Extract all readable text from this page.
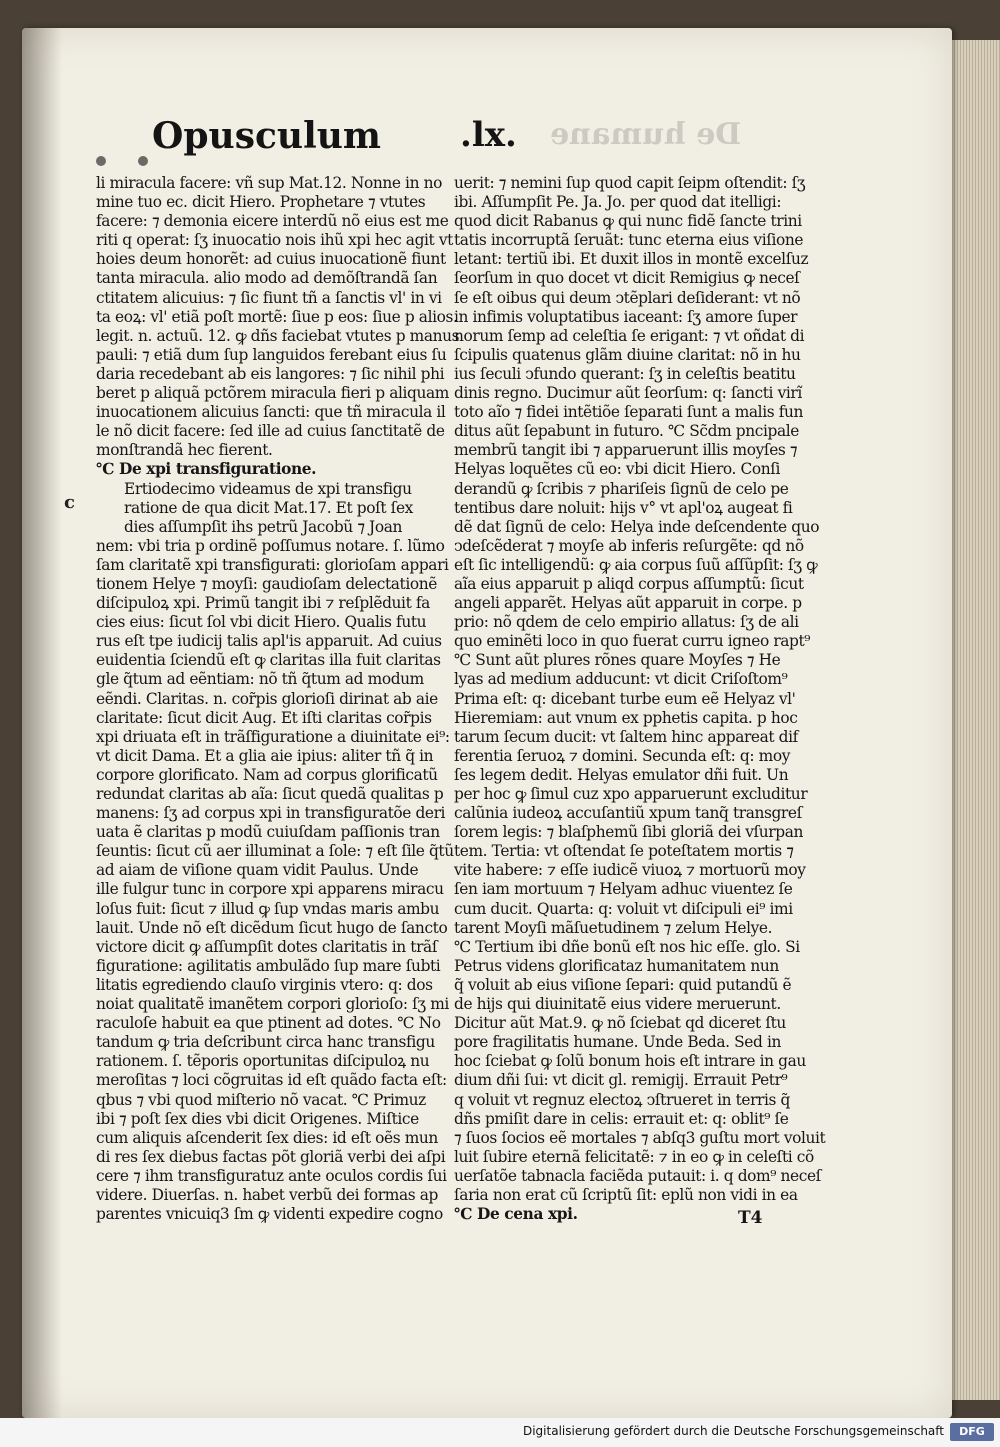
De humane
Opusculum .lx.
c
li miracula facere: vñ sup Mat.12. Nonne in no
mine tuo ec. dicit Hiero. Prophetare ⁊ vtutes
facere: ⁊ demonia eicere interdũ nõ eius est me
riti q operat: ſʒ inuocatio nois ihũ xpi hec agit vt
hoies deum honorẽt: ad cuius inuocationẽ fiunt
tanta miracula. alio modo ad demõſtrandã ſan
ctitatem alicuius: ⁊ ſic fiunt tñ a ſanctis vl' in vi
ta eoꝝ: vl' etiã poſt mortẽ: ſiue p eos: ſiue p alios.
legit. n. actuũ. 12. ꝙ dñs faciebat vtutes p manus
pauli: ⁊ etiã dum ſup languidos ferebant eius ſu
daria recedebant ab eis langores: ⁊ ſic nihil phi
beret p aliquã pctõrem miracula fieri p aliquam
inuocationem alicuius ſancti: que tñ miracula il
le nõ dicit facere: ſed ille ad cuius ſanctitatẽ de
monſtrandã hec fierent.
℃ De xpi transfiguratione.
Ertiodecimo videamus de xpi transfigu
ratione de qua dicit Mat.17. Et poſt ſex
dies aſſumpſit ihs petrũ Jacobũ ⁊ Joan
nem: vbi tria p ordinẽ poſſumus notare. ſ. lũmo
ſam claritatẽ xpi transfigurati: glorioſam appari
tionem Helye ⁊ moyſi: gaudioſam delectationẽ
diſcipuloꝝ xpi. Primũ tangit ibi ⁊ reſplẽduit fa
cies eius: ſicut ſol vbi dicit Hiero. Qualis futu
rus eſt tpe iudicij talis apl'is apparuit. Ad cuius
euidentia ſciendũ eſt ꝙ claritas illa fuit claritas
gle q̃tum ad eẽntiam: nõ tñ q̃tum ad modum
eẽndi. Claritas. n. cor̃pis glorioſi dirinat ab aie
claritate: ſicut dicit Aug. Et iſti claritas cor̃pis
xpi driuata eſt in trãſfiguratione a diuinitate ei⁹:
vt dicit Dama. Et a glia aie ipius: aliter tñ q̃ in
corpore glorificato. Nam ad corpus glorificatũ
redundat claritas ab aĩa: ſicut quedã qualitas p
manens: ſʒ ad corpus xpi in transfiguratõe deri
uata ẽ claritas p modũ cuiuſdam paſſionis tran
ſeuntis: ſicut cũ aer illuminat a ſole: ⁊ eſt ſile q̃tũ
ad aiam de viſione quam vidit Paulus. Unde
ille fulgur tunc in corpore xpi apparens miracu
loſus fuit: ſicut ⁊ illud ꝙ ſup vndas maris ambu
lauit. Unde nõ eſt dicẽdum ſicut hugo de ſancto
victore dicit ꝙ aſſumpſit dotes claritatis in trãſ
figuratione: agilitatis ambulãdo ſup mare ſubti
litatis egrediendo clauſo virginis vtero: q: dos
noiat qualitatẽ imanẽtem corpori glorioſo: ſʒ mi
raculoſe habuit ea que ptinent ad dotes. ℃ No
tandum ꝙ tria deſcribunt circa hanc transfigu
rationem. ſ. tẽporis oportunitas diſcipuloꝝ nu
meroſitas ⁊ loci cõgruitas id eſt quãdo facta eſt:
qbus ⁊ vbi quod miſterio nõ vacat. ℃ Primuz
ibi ⁊ poſt ſex dies vbi dicit Origenes. Miſtice
cum aliquis aſcenderit ſex dies: id eſt oẽs mun
di res ſex diebus factas põt gloriã verbi dei aſpi
cere ⁊ ihm transfiguratuz ante oculos cordis ſui
videre. Diuerſas. n. habet verbũ dei formas ap
parentes vnicuiq3 ſm ꝙ videnti expedire cogno
uerit: ⁊ nemini ſup quod capit ſeipm oſtendit: ſʒ
ibi. Aſſumpſit Pe. Ja. Jo. per quod dat itelligi:
quod dicit Rabanus ꝙ qui nunc fidẽ ſancte trini
tatis incorruptã ſeruãt: tunc eterna eius viſione
letant: tertiũ ibi. Et duxit illos in montẽ excelſuz
ſeorſum in quo docet vt dicit Remigius ꝙ neceſ
ſe eſt oibus qui deum ↄtẽplari deſiderant: vt nõ
in infimis voluptatibus iaceant: ſʒ amore ſuper
norum ſemp ad celeſtia ſe erigant: ⁊ vt oñdat di
ſcipulis quatenus glãm diuine claritat: nõ in hu
ius ſeculi ↄfundo querant: ſʒ in celeſtis beatitu
dinis regno. Ducimur aũt ſeorſum: q: ſancti virĩ
toto aĩo ⁊ fidei intẽtiõe ſeparati ſunt a malis fun
ditus aũt ſepabunt in futuro. ℃ Sc̃dm pncipale
membrũ tangit ibi ⁊ apparuerunt illis moyſes ⁊
Helyas loquẽtes cũ eo: vbi dicit Hiero. Conſi
derandũ ꝙ ſcribis ⁊ phariſeis ſignũ de celo pe
tentibus dare noluit: hijs v° vt apl'oꝝ augeat fi
dẽ dat ſignũ de celo: Helya inde deſcendente quo
ↄdeſcẽderat ⁊ moyſe ab inferis reſurgẽte: qd nõ
eſt ſic intelligendũ: ꝙ aia corpus ſuũ aſſũpſit: ſʒ ꝙ
aĩa eius apparuit p aliqd corpus aſſumptũ: ſicut
angeli apparẽt. Helyas aũt apparuit in corpe. p
prio: nõ qdem de celo empirio allatus: ſʒ de ali
quo eminẽti loco in quo fuerat curru igneo rapt⁹
℃ Sunt aũt plures rõnes quare Moyſes ⁊ He
lyas ad medium adducunt: vt dicit Criſoſtom⁹
Prima eſt: q: dicebant turbe eum eẽ Helyaz vl'
Hieremiam: aut vnum ex pphetis capita. p hoc
tarum ſecum ducit: vt ſaltem hinc appareat dif
ferentia ſeruoꝝ ⁊ domini. Secunda eſt: q: moy
ſes legem dedit. Helyas emulator dñi fuit. Un
per hoc ꝙ ſimul cuz xpo apparuerunt excluditur
calũnia iudeoꝝ accuſantiũ xpum tanq̃ transgreſ
ſorem legis: ⁊ blaſphemũ ſibi gloriã dei vſurpan
tem. Tertia: vt oſtendat ſe poteſtatem mortis ⁊
vite habere: ⁊ eſſe iudicẽ viuoꝝ ⁊ mortuorũ moy
ſen iam mortuum ⁊ Helyam adhuc viuentez ſe
cum ducit. Quarta: q: voluit vt diſcipuli ei⁹ imi
tarent Moyſi mãſuetudinem ⁊ zelum Helye.
℃ Tertium ibi dñe bonũ eſt nos hic eſſe. glo. Si
Petrus videns glorificataz humanitatem nun
q̃ voluit ab eius viſione ſepari: quid putandũ ẽ
de hijs qui diuinitatẽ eius videre meruerunt.
Dicitur aũt Mat.9. ꝙ nõ ſciebat qd diceret ſtu
pore fragilitatis humane. Unde Beda. Sed in
hoc ſciebat ꝙ ſolũ bonum hois eſt intrare in gau
dium dñi ſui: vt dicit gl. remigij. Errauit Petr⁹
q voluit vt regnuz electoꝝ ↄſtrueret in terris q̃
dñs pmiſit dare in celis: errauit et: q: oblit⁹ ſe
⁊ ſuos ſocios eẽ mortales ⁊ abſq3 guſtu mort voluit
luit ſubire eternã felicitatẽ: ⁊ in eo ꝙ in celeſti cõ
uerſatõe tabnacla faciẽda putauit: i. q dom⁹ neceſ
ſaria non erat cũ ſcriptũ ſit: eplũ non vidi in ea
℃ De cena xpi.	T4
Digitalisierung gefördert durch die Deutsche Forschungsgemeinschaft	DFG
